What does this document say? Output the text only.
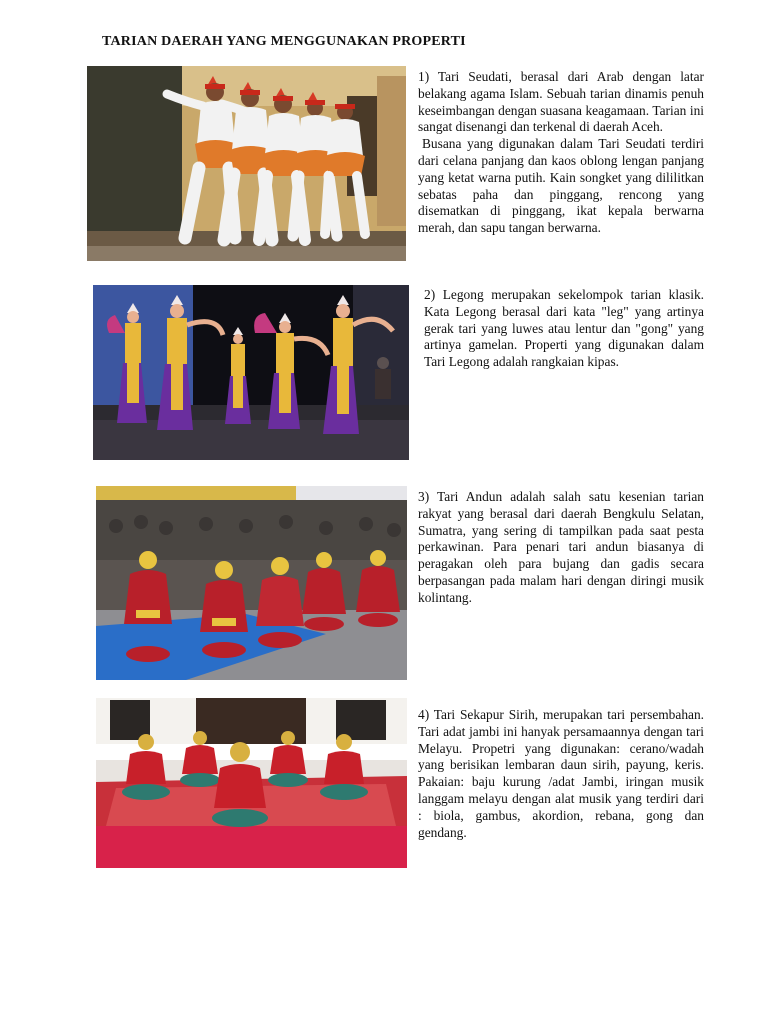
TARIAN DAERAH YANG MENGGUNAKAN PROPERTI

1) Tari Seudati, berasal dari Arab dengan latar belakang agama Islam. Sebuah tarian dinamis penuh keseimbangan dengan suasana keagamaan. Tarian ini sangat disenangi dan terkenal di daerah Aceh.

Busana yang digunakan dalam Tari Seudati terdiri dari celana panjang dan kaos oblong lengan panjang yang ketat warna putih. Kain songket yang dililitkan sebatas paha dan pinggang, rencong yang disematkan di pinggang, ikat kepala berwarna merah, dan sapu tangan berwarna.

2) Legong merupakan sekelompok tarian klasik. Kata Legong berasal dari kata "leg" yang artinya gerak tari yang luwes atau lentur dan "gong" yang artinya gamelan. Properti yang digunakan dalam Tari Legong adalah rangkaian kipas.

3) Tari Andun adalah salah satu kesenian tarian rakyat yang berasal dari daerah Bengkulu Selatan, Sumatra, yang sering di tampilkan pada saat pesta perkawinan. Para penari tari andun biasanya di peragakan oleh para bujang dan gadis secara berpasangan pada malam hari dengan diringi musik kolintang.

4) Tari Sekapur Sirih, merupakan tari persembahan. Tari adat jambi ini hanyak persamaannya dengan tari Melayu. Propetri yang digunakan: cerano/wadah yang berisikan lembaran daun sirih, payung, keris. Pakaian: baju kurung /adat Jambi, iringan musik langgam melayu dengan alat musik yang terdiri dari : biola, gambus, akordion, rebana, gong dan gendang.
